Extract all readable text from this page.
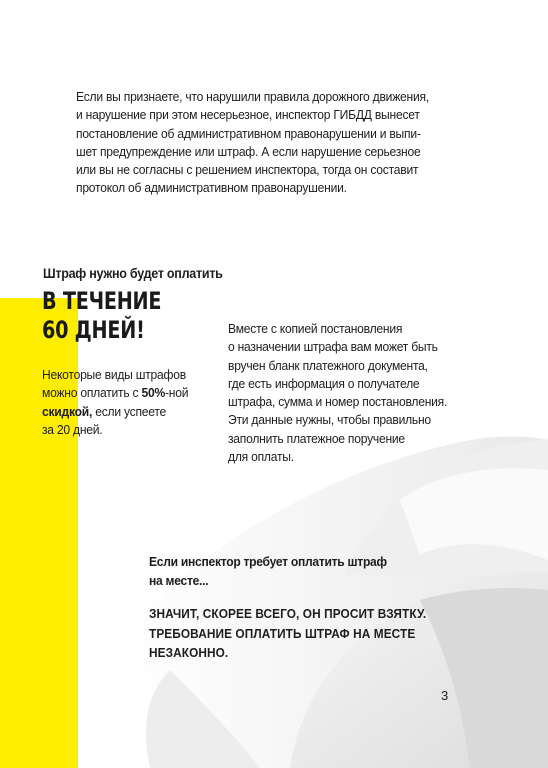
Если вы признаете, что нарушили правила дорожного движения,
и нарушение при этом несерьезное, инспектор ГИБДД вынесет
постановление об административном правонарушении и выпи-
шет предупреждение или штраф. А если нарушение серьезное
или вы не согласны с решением инспектора, тогда он составит
протокол об административном правонарушении.
Штраф нужно будет оплатить
В ТЕЧЕНИЕ
60 ДНЕЙ!
Некоторые виды штрафов
можно оплатить с 50%-ной
скидкой, если успеете
за 20 дней.
Вместе с копией постановления
о назначении штрафа вам может быть
вручен бланк платежного документа,
где есть информация о получателе
штрафа, сумма и номер постановления.
Эти данные нужны, чтобы правильно
заполнить платежное поручение
для оплаты.
Если инспектор требует оплатить штраф
на месте...
ЗНАЧИТ, СКОРЕЕ ВСЕГО, ОН ПРОСИТ ВЗЯТКУ.
ТРЕБОВАНИЕ ОПЛАТИТЬ ШТРАФ НА МЕСТЕ
НЕЗАКОННО.
3
